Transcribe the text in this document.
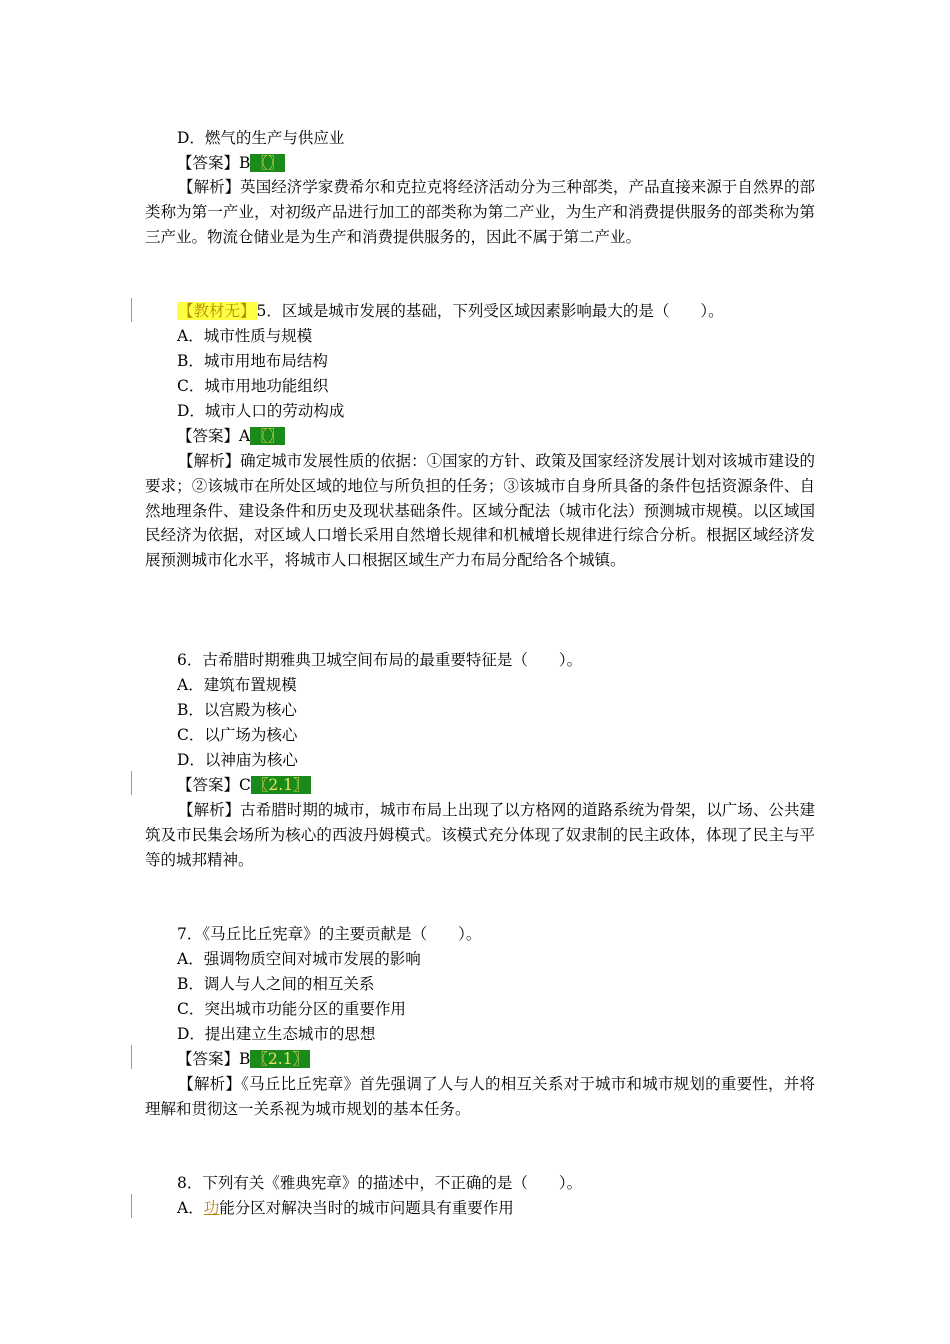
D．燃气的生产与供应业
【答案】B 〖〗
【解析】英国经济学家费希尔和克拉克将经济活动分为三种部类，产品直接来源于自然界的部类称为第一产业，对初级产品进行加工的部类称为第二产业，为生产和消费提供服务的部类称为第三产业。物流仓储业是为生产和消费提供服务的，因此不属于第二产业。
【教材无】5．区域是城市发展的基础，下列受区域因素影响最大的是（　　）。
A．城市性质与规模
B．城市用地布局结构
C．城市用地功能组织
D．城市人口的劳动构成
【答案】A 〖〗
【解析】确定城市发展性质的依据：①国家的方针、政策及国家经济发展计划对该城市建设的要求；②该城市在所处区域的地位与所负担的任务；③该城市自身所具备的条件包括资源条件、自然地理条件、建设条件和历史及现状基础条件。区域分配法（城市化法）预测城市规模。以区域国民经济为依据，对区域人口增长采用自然增长规律和机械增长规律进行综合分析。根据区域经济发展预测城市化水平，将城市人口根据区域生产力布局分配给各个城镇。
6．古希腊时期雅典卫城空间布局的最重要特征是（　　）。
A．建筑布置规模
B．以宫殿为核心
C．以广场为核心
D．以神庙为核心
【答案】C 〖2.1〗
【解析】古希腊时期的城市，城市布局上出现了以方格网的道路系统为骨架，以广场、公共建筑及市民集会场所为核心的西波丹姆模式。该模式充分体现了奴隶制的民主政体，体现了民主与平等的城邦精神。
7．《马丘比丘宪章》的主要贡献是（　　）。
A．强调物质空间对城市发展的影响
B．调人与人之间的相互关系
C．突出城市功能分区的重要作用
D．提出建立生态城市的思想
【答案】B 〖2.1〗
【解析】《马丘比丘宪章》首先强调了人与人的相互关系对于城市和城市规划的重要性，并将理解和贯彻这一关系视为城市规划的基本任务。
8．下列有关《雅典宪章》的描述中，不正确的是（　　）。
A．功能分区对解决当时的城市问题具有重要作用
